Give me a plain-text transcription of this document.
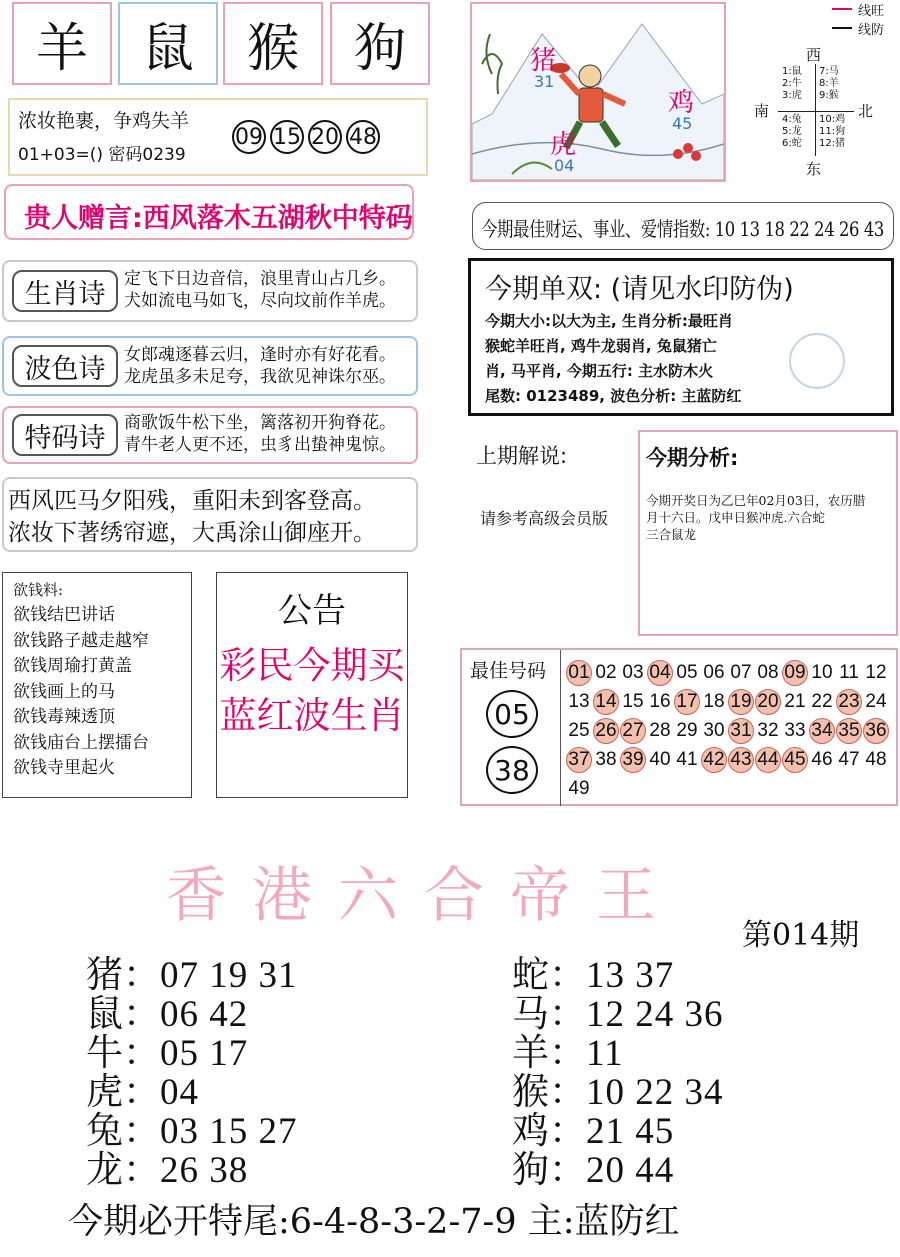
羊 鼠 猴 狗
浓妆艳裹，争鸡失羊
01+03=() 密码0239
09 15 20 48
贵人赠言:西风落木五湖秋中特码
生肖诗	定飞下日边音信，浪里青山占几乡。
犬如流电马如飞，尽向坟前作羊虎。
波色诗	女郎魂逐暮云归，逢时亦有好花看。
龙虎虽多未足夸，我欲见神诛尔巫。
特码诗	商歌饭牛松下坐，篱落初开狗脊花。
青牛老人更不还，虫豸出蛰神鬼惊。
西风匹马夕阳残，重阳未到客登高。
浓妆下著绣帘遮，大禹涂山御座开。
欲钱料:
欲钱结巴讲话
欲钱路子越走越窄
欲钱周瑜打黄盖
欲钱画上的马
欲钱毒辣透顶
欲钱庙台上摆擂台
欲钱寺里起火
公告
彩民今期买
蓝红波生肖
猪
31
虎
04
鸡
45
线旺
线防
西
南	北
东
1:鼠
2:牛
3:虎
7:马
8:羊
9:猴
4:兔
5:龙
6:蛇
10:鸡
11:狗
12:猪
今期最佳财运、事业、爱情指数: 10 13 18 22 24 26 43
今期单双: (请见水印防伪)
今期大小:以大为主, 生肖分析:最旺肖
猴蛇羊旺肖, 鸡牛龙弱肖, 兔鼠猪亡
肖, 马平肖, 今期五行: 主水防木火
尾数: 0123489, 波色分析: 主蓝防红
上期解说:
请参考高级会员版
今期分析:
今期开奖日为乙巳年02月03日，农历腊
月十六日。戊申日猴冲虎.六合蛇
三合鼠龙
最佳号码
05
38
01 02 03 04 05 06 07 08 09 10 11 12
13 14 15 16 17 18 19 20 21 22 23 24
25 26 27 28 29 30 31 32 33 34 35 36
37 38 39 40 41 42 43 44 45 46 47 48
49
香港六合帝王
第014期
猪：07 19 31
鼠：06 42
牛：05 17
虎：04
兔：03 15 27
龙：26 38
蛇：13 37
马：12 24 36
羊：11
猴：10 22 34
鸡：21 45
狗：20 44
今期必开特尾:6-4-8-3-2-7-9 主:蓝防红
